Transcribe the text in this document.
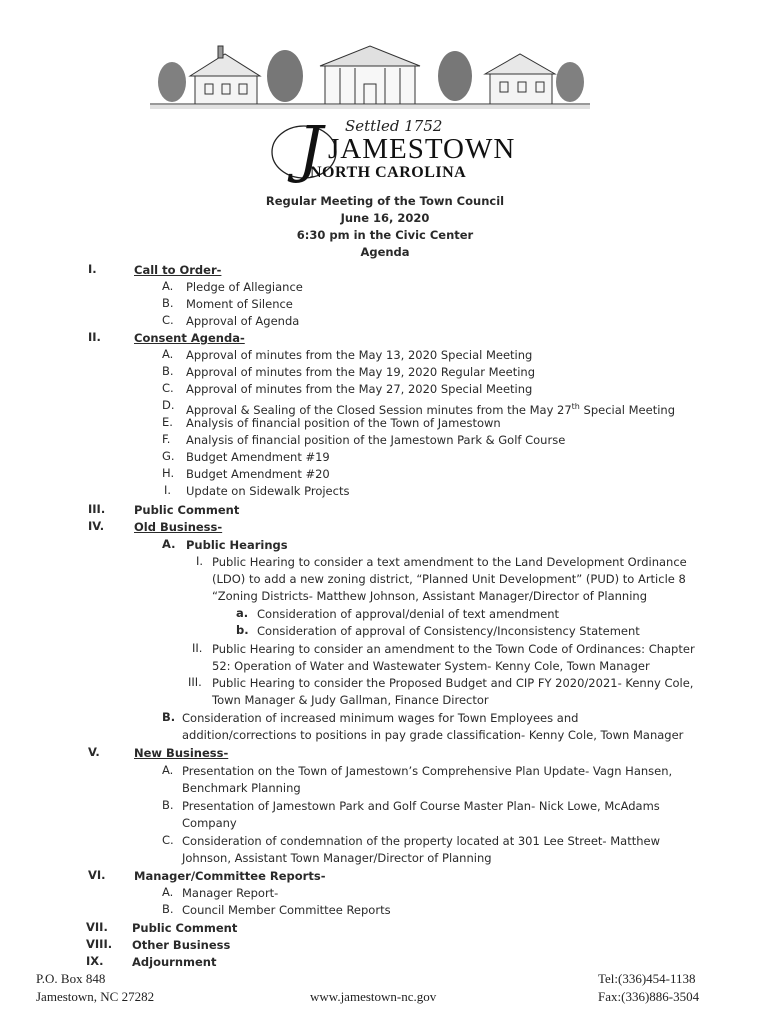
J Settled 1752
JAMESTOWN
NORTH CAROLINA
Regular Meeting of the Town Council
June 16, 2020
6:30 pm in the Civic Center
Agenda
I.	Call to Order-
A. Pledge of Allegiance
B. Moment of Silence
C. Approval of Agenda
II.	Consent Agenda-
A. Approval of minutes from the May 13, 2020 Special Meeting
B. Approval of minutes from the May 19, 2020 Regular Meeting
C. Approval of minutes from the May 27, 2020 Special Meeting
D. Approval & Sealing of the Closed Session minutes from the May 27th Special Meeting
E. Analysis of financial position of the Town of Jamestown
F. Analysis of financial position of the Jamestown Park & Golf Course
G. Budget Amendment #19
H. Budget Amendment #20
I. Update on Sidewalk Projects
III.	Public Comment
IV.	Old Business-
A. Public Hearings
I. Public Hearing to consider a text amendment to the Land Development Ordinance
(LDO) to add a new zoning district, “Planned Unit Development” (PUD) to Article 8
“Zoning Districts- Matthew Johnson, Assistant Manager/Director of Planning
a. Consideration of approval/denial of text amendment
b. Consideration of approval of Consistency/Inconsistency Statement
II. Public Hearing to consider an amendment to the Town Code of Ordinances: Chapter
52: Operation of Water and Wastewater System- Kenny Cole, Town Manager
III. Public Hearing to consider the Proposed Budget and CIP FY 2020/2021- Kenny Cole,
Town Manager & Judy Gallman, Finance Director
B. Consideration of increased minimum wages for Town Employees and
addition/corrections to positions in pay grade classification- Kenny Cole, Town Manager
V.	New Business-
A. Presentation on the Town of Jamestown’s Comprehensive Plan Update- Vagn Hansen,
Benchmark Planning
B. Presentation of Jamestown Park and Golf Course Master Plan- Nick Lowe, McAdams
Company
C. Consideration of condemnation of the property located at 301 Lee Street- Matthew
Johnson, Assistant Town Manager/Director of Planning
VI. Manager/Committee Reports-
A. Manager Report-
B. Council Member Committee Reports
VII. Public Comment
VIII. Other Business
IX. Adjournment
P.O. Box 848
Jamestown, NC 27282	www.jamestown-nc.gov
Tel:(336)454-1138
Fax:(336)886-3504
